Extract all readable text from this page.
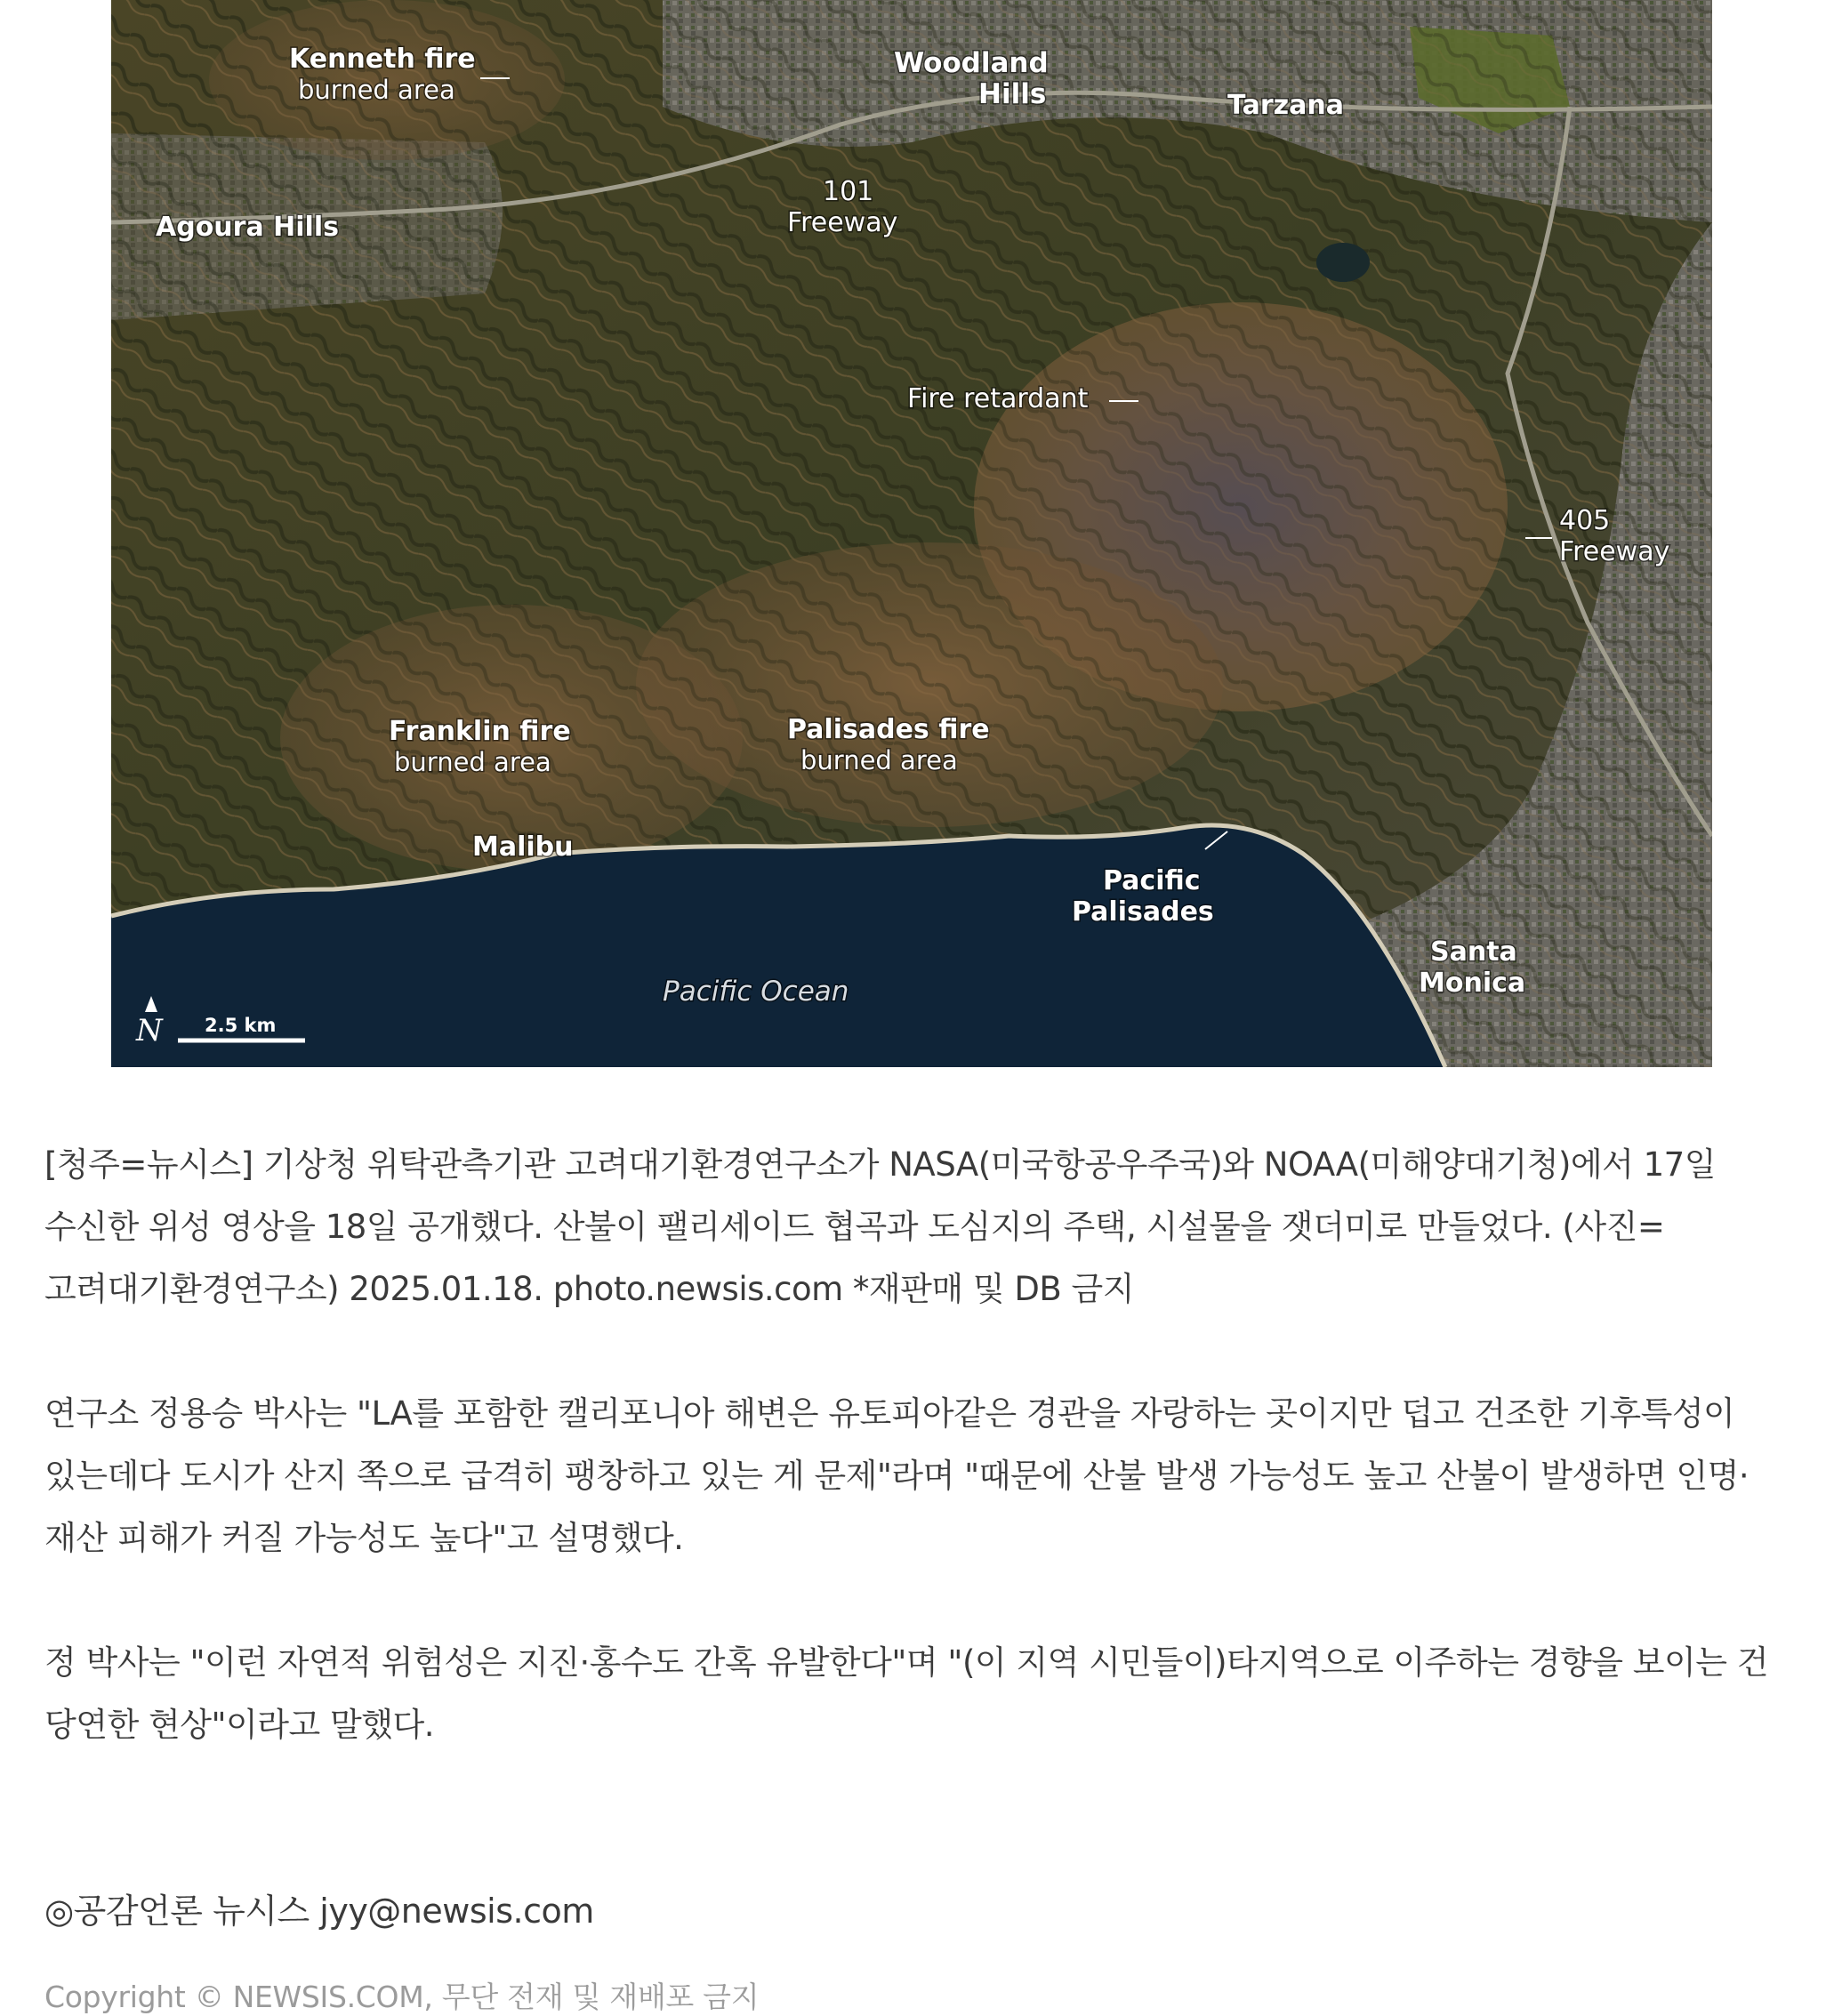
Kenneth fire
burned area
Woodland
Hills	Tarzana
Agoura Hills
101
Freeway
Fire retardant
405
Freeway
Franklin fire
burned area
Palisades fire
burned area
Malibu
Pacific
Palisades
Santa
Monica
Pacific Ocean
N 2.5 km
[청주=뉴시스] 기상청 위탁관측기관 고려대기환경연구소가 NASA(미국항공우주국)와 NOAA(미해양대기청)에서 17일 수신한 위성 영상을 18일 공개했다. 산불이 팰리세이드 협곡과 도심지의 주택, 시설물을 잿더미로 만들었다. (사진=고려대기환경연구소) 2025.01.18. photo.newsis.com *재판매 및 DB 금지
연구소 정용승 박사는 "LA를 포함한 캘리포니아 해변은 유토피아같은 경관을 자랑하는 곳이지만 덥고 건조한 기후특성이 있는데다 도시가 산지 쪽으로 급격히 팽창하고 있는 게 문제"라며 "때문에 산불 발생 가능성도 높고 산불이 발생하면 인명·재산 피해가 커질 가능성도 높다"고 설명했다.
정 박사는 "이런 자연적 위험성은 지진·홍수도 간혹 유발한다"며 "(이 지역 시민들이)타지역으로 이주하는 경향을 보이는 건 당연한 현상"이라고 말했다.
◎공감언론 뉴시스 jyy@newsis.com
Copyright © NEWSIS.COM, 무단 전재 및 재배포 금지
